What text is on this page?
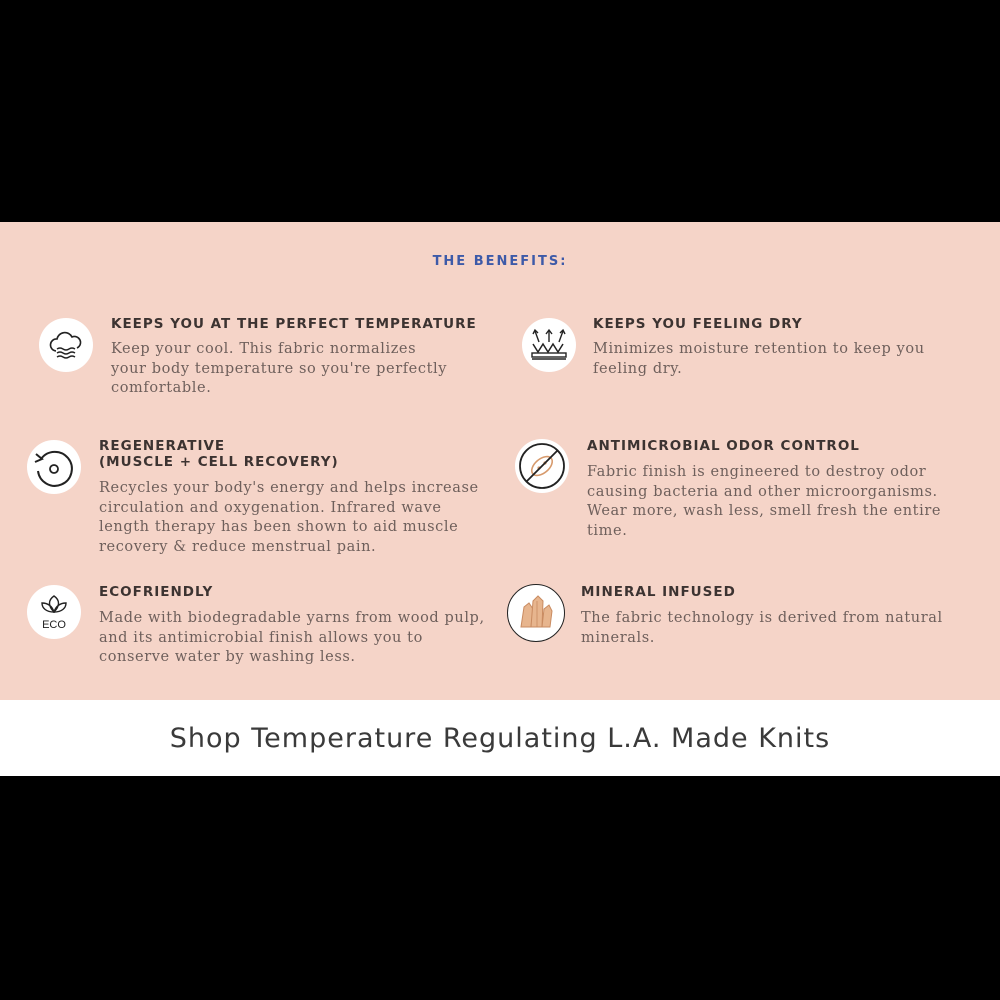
THE BENEFITS:
KEEPS YOU AT THE PERFECT TEMPERATURE
Keep your cool. This fabric normalizes your body temperature so you're perfectly comfortable.
KEEPS YOU FEELING DRY
Minimizes moisture retention to keep you feeling dry.
REGENERATIVE
(MUSCLE + CELL RECOVERY)
Recycles your body's energy and helps increase circulation and oxygenation. Infrared wave length therapy has been shown to aid muscle recovery & reduce menstrual pain.
ANTIMICROBIAL ODOR CONTROL
Fabric finish is engineered to destroy odor causing bacteria and other microorganisms. Wear more, wash less, smell fresh the entire time.
ECO
ECOFRIENDLY
Made with biodegradable yarns from wood pulp, and its antimicrobial finish allows you to conserve water by washing less.
MINERAL INFUSED
The fabric technology is derived from natural minerals.
Shop Temperature Regulating L.A. Made Knits
